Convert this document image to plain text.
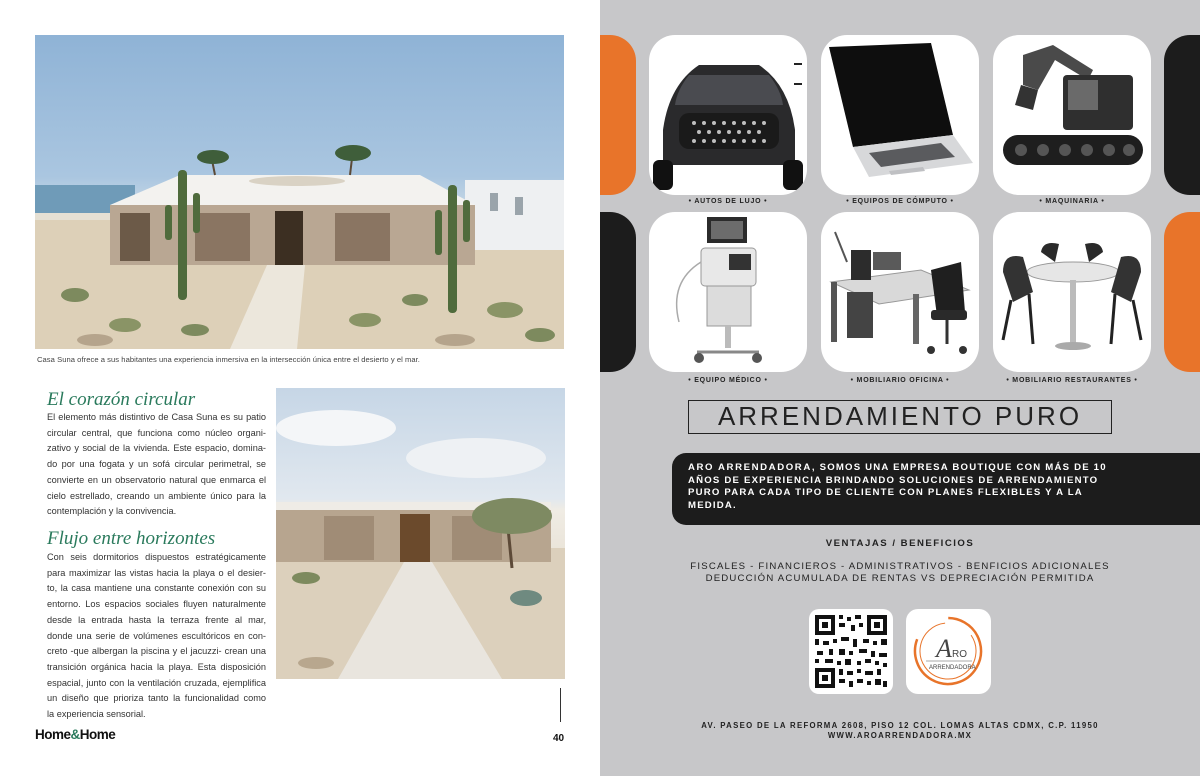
Casa Suna ofrece a sus habitantes una experiencia inmersiva en la intersección única entre el desierto y el mar.
El corazón circular
El elemento más distintivo de Casa Suna es su patio
circular central, que funciona como núcleo organi-
zativo y social de la vivienda. Este espacio, domina-
do por una fogata y un sofá circular perimetral, se
convierte en un observatorio natural que enmarca el
cielo estrellado, creando un ambiente único para la
contemplación y la convivencia.
Flujo entre horizontes
Con seis dormitorios dispuestos estratégicamente
para maximizar las vistas hacia la playa o el desier-
to, la casa mantiene una constante conexión con su
entorno. Los espacios sociales fluyen naturalmente
desde la entrada hasta la terraza frente al mar,
donde una serie de volúmenes escultóricos en con-
creto -que albergan la piscina y el jacuzzi- crean una
transición orgánica hacia la playa. Esta disposición
espacial, junto con la ventilación cruzada, ejemplifica
un diseño que prioriza tanto la funcionalidad como
la experiencia sensorial.
Home&Home	40
• AUTOS DE LUJO •	• EQUIPOS DE CÓMPUTO •	• MAQUINARIA •
• EQUIPO MÉDICO •	• MOBILIARIO OFICINA •	• MOBILIARIO RESTAURANTES •
ARRENDAMIENTO PURO
ARO ARRENDADORA, SOMOS UNA EMPRESA BOUTIQUE CON MÁS DE 10
AÑOS DE EXPERIENCIA BRINDANDO SOLUCIONES DE ARRENDAMIENTO
PURO PARA CADA TIPO DE CLIENTE CON PLANES FLEXIBLES Y A LA
MEDIDA.
VENTAJAS / BENEFICIOS
FISCALES - FINANCIEROS - ADMINISTRATIVOS - BENFICIOS ADICIONALES
DEDUCCIÓN ACUMULADA DE RENTAS VS DEPRECIACIÓN PERMITIDA
A RO
ARRENDADORA
AV. PASEO DE LA REFORMA 2608, PISO 12 COL. LOMAS ALTAS CDMX, C.P. 11950
WWW.AROARRENDADORA.MX
